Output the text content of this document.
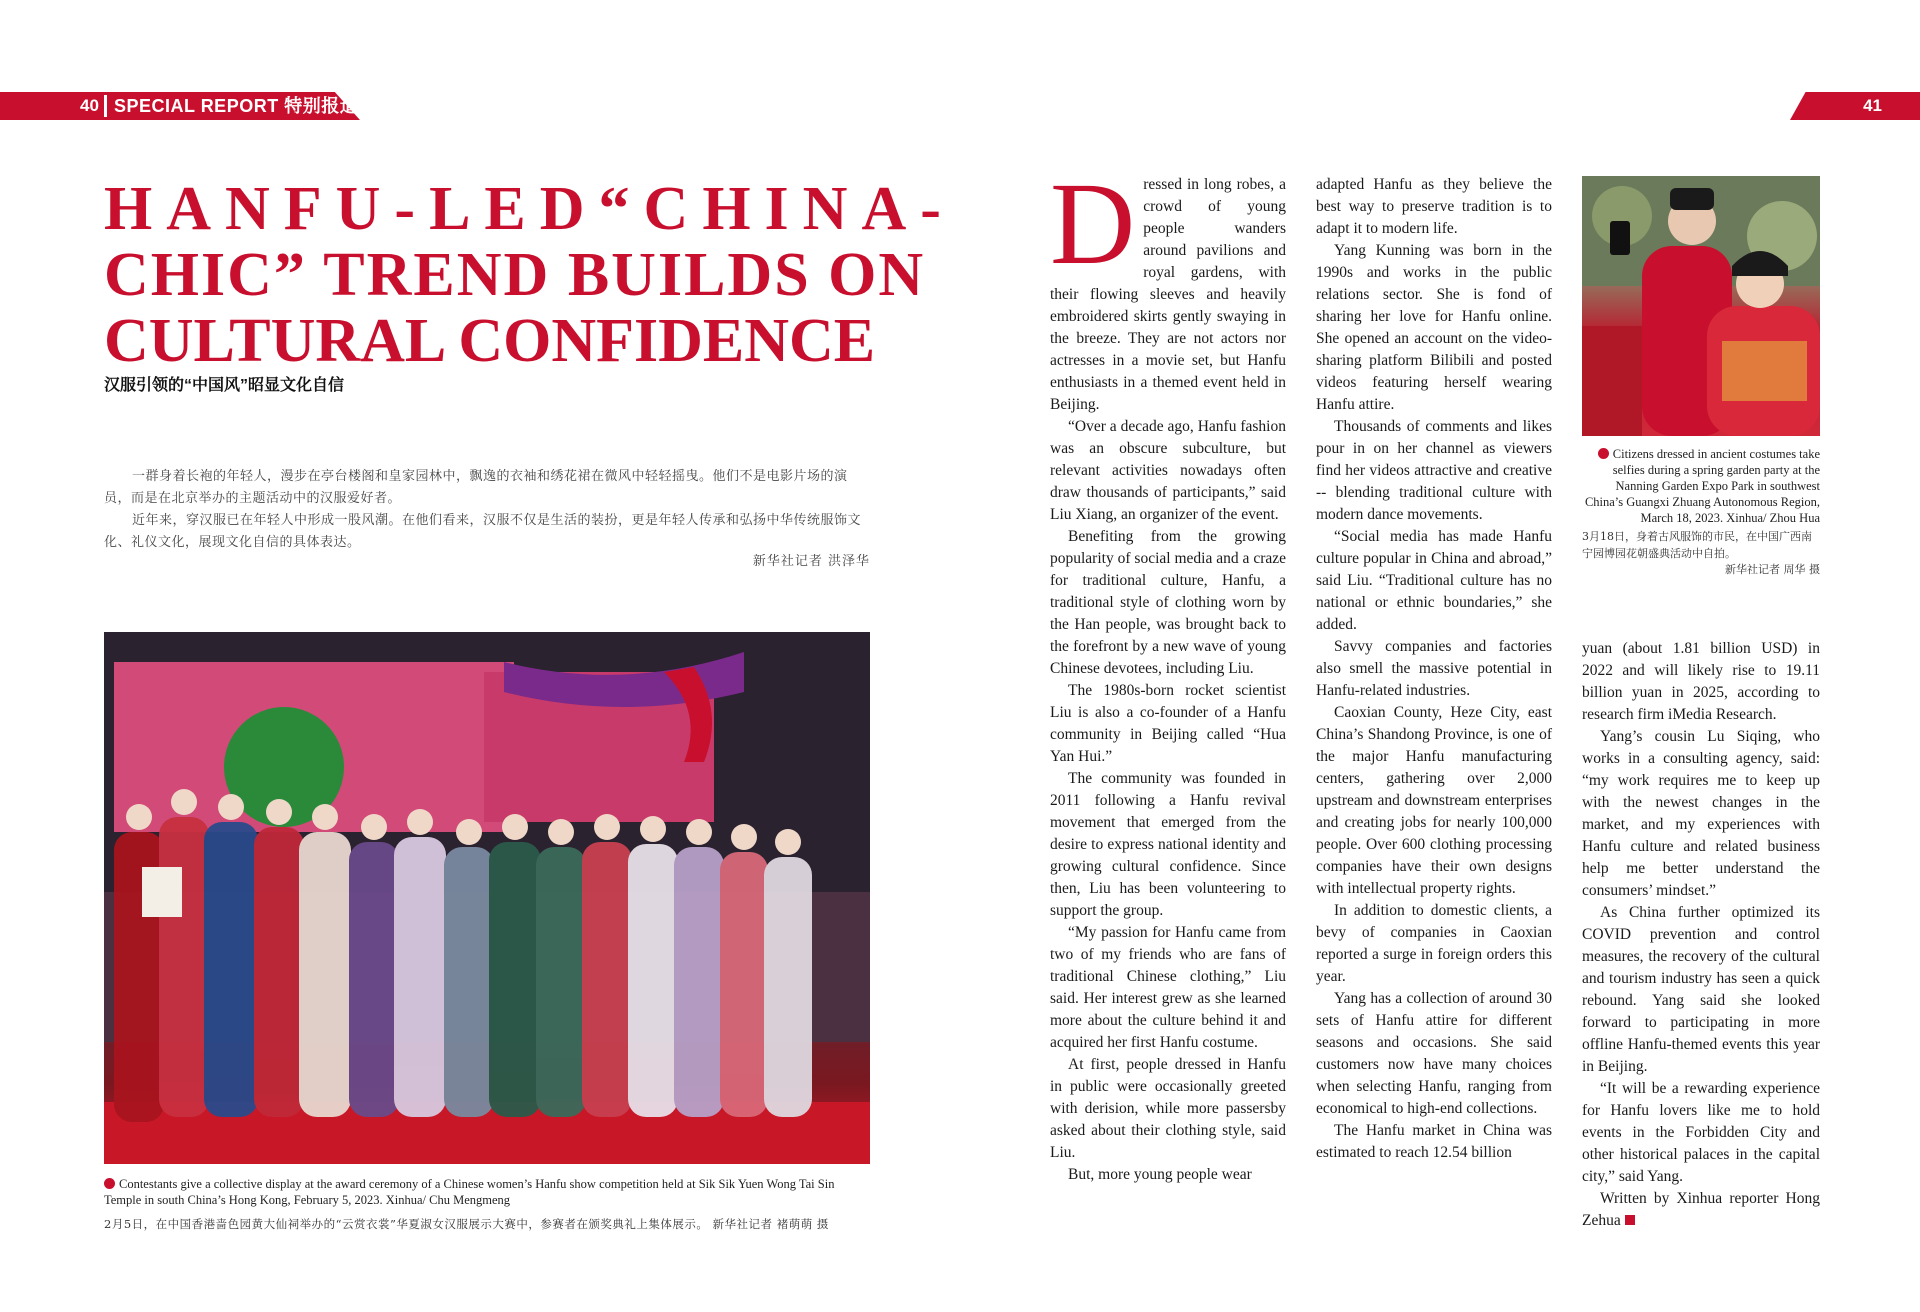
40 SPECIAL REPORT 特别报道	41
HANFU-LED“CHINA-
CHIC” TREND BUILDS ON
CULTURAL CONFIDENCE
汉服引领的“中国风”昭显文化自信

一群身着长袍的年轻人，漫步在亭台楼阁和皇家园林中，飘逸的衣袖和绣花裙在微风中轻轻摇曳。他们不是电影片场的演员，而是在北京举办的主题活动中的汉服爱好者。

近年来，穿汉服已在年轻人中形成一股风潮。在他们看来，汉服不仅是生活的装扮，更是年轻人传承和弘扬中华传统服饰文化、礼仪文化，展现文化自信的具体表达。

新华社记者 洪泽华

Contestants give a collective display at the award ceremony of a Chinese women’s Hanfu show competition held at Sik Sik Yuen Wong Tai Sin Temple in south China’s Hong Kong, February 5, 2023. Xinhua/ Chu Mengmeng

2月5日，在中国香港啬色园黄大仙祠举办的“云赏衣裳”华夏淑女汉服展示大赛中，参赛者在颁奖典礼上集体展示。 新华社记者 褚萌萌 摄

Citizens dressed in ancient costumes take selfies during a spring garden party at the Nanning Garden Expo Park in southwest China’s Guangxi Zhuang Autonomous Region, March 18, 2023. Xinhua/ Zhou Hua

3月18日，身着古风服饰的市民，在中国广西南宁园博园花朝盛典活动中自拍。

新华社记者 周华 摄

Dressed in long robes, a crowd of young people wanders around pavilions and royal gardens, with their flowing sleeves and heavily embroidered skirts gently swaying in the breeze. They are not actors nor actresses in a movie set, but Hanfu enthusiasts in a themed event held in Beijing.

“Over a decade ago, Hanfu fashion was an obscure subculture, but relevant activities nowadays often draw thousands of participants,” said Liu Xiang, an organizer of the event.

Benefiting from the growing popularity of social media and a craze for traditional culture, Hanfu, a traditional style of clothing worn by the Han people, was brought back to the forefront by a new wave of young Chinese devotees, including Liu.

The 1980s-born rocket scientist Liu is also a co-founder of a Hanfu community in Beijing called “Hua Yan Hui.”

The community was founded in 2011 following a Hanfu revival movement that emerged from the desire to express national identity and growing cultural confidence. Since then, Liu has been volunteering to support the group.

“My passion for Hanfu came from two of my friends who are fans of traditional Chinese clothing,” Liu said. Her interest grew as she learned more about the culture behind it and acquired her first Hanfu costume.

At first, people dressed in Hanfu in public were occasionally greeted with derision, while more passersby asked about their clothing style, said Liu.

But, more young people wear

adapted Hanfu as they believe the best way to preserve tradition is to adapt it to modern life.

Yang Kunning was born in the 1990s and works in the public relations sector. She is fond of sharing her love for Hanfu online. She opened an account on the video-sharing platform Bilibili and posted videos featuring herself wearing Hanfu attire.

Thousands of comments and likes pour in on her channel as viewers find her videos attractive and creative -- blending traditional culture with modern dance movements.

“Social media has made Hanfu culture popular in China and abroad,” said Liu. “Traditional culture has no national or ethnic boundaries,” she added.

Savvy companies and factories also smell the massive potential in Hanfu-related industries.

Caoxian County, Heze City, east China’s Shandong Province, is one of the major Hanfu manufacturing centers, gathering over 2,000 upstream and downstream enterprises and creating jobs for nearly 100,000 people. Over 600 clothing processing companies have their own designs with intellectual property rights.

In addition to domestic clients, a bevy of companies in Caoxian reported a surge in foreign orders this year.

Yang has a collection of around 30 sets of Hanfu attire for different seasons and occasions. She said customers now have many choices when selecting Hanfu, ranging from economical to high-end collections.

The Hanfu market in China was estimated to reach 12.54 billion

yuan (about 1.81 billion USD) in 2022 and will likely rise to 19.11 billion yuan in 2025, according to research firm iMedia Research.

Yang’s cousin Lu Siqing, who works in a consulting agency, said: “my work requires me to keep up with the newest changes in the market, and my experiences with Hanfu culture and related business help me better understand the consumers’ mindset.”

As China further optimized its COVID prevention and control measures, the recovery of the cultural and tourism industry has seen a quick rebound. Yang said she looked forward to participating in more offline Hanfu-themed events this year in Beijing.

“It will be a rewarding experience for Hanfu lovers like me to hold events in the Forbidden City and other historical palaces in the capital city,” said Yang.

Written by Xinhua reporter Hong Zehua
